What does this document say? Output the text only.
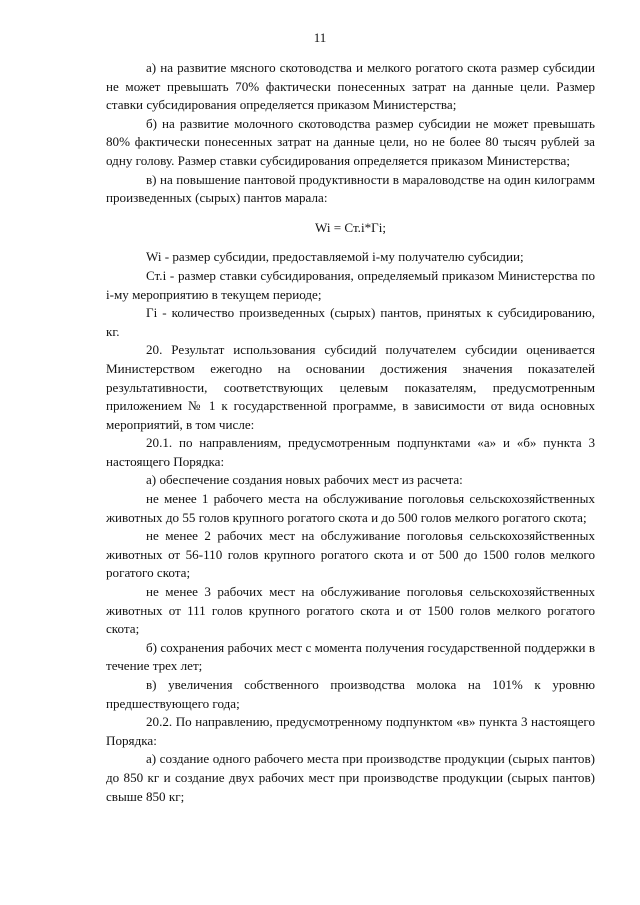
11

а) на развитие мясного скотоводства и мелкого рогатого скота размер субсидии не может превышать 70% фактически понесенных затрат на данные цели. Размер ставки субсидирования определяется приказом Министерства;

б) на развитие молочного скотоводства размер субсидии не может превышать 80% фактически понесенных затрат на данные цели, но не более 80 тысяч рублей за одну голову. Размер ставки субсидирования определяется приказом Министерства;

в) на повышение пантовой продуктивности в мараловодстве на один килограмм произведенных (сырых) пантов марала:

Wi = Ст.i*Гi;

Wi - размер субсидии, предоставляемой i-му получателю субсидии;

Ст.i - размер ставки субсидирования, определяемый приказом Министерства по i-му мероприятию в текущем периоде;

Гi - количество произведенных (сырых) пантов, принятых к субсидированию, кг.

20. Результат использования субсидий получателем субсидии оценивается Министерством ежегодно на основании достижения значения показателей результативности, соответствующих целевым показателям, предусмотренным приложением № 1 к государственной программе, в зависимости от вида основных мероприятий, в том числе:

20.1. по направлениям, предусмотренным подпунктами «а» и «б» пункта 3 настоящего Порядка:

а) обеспечение создания новых рабочих мест из расчета:

не менее 1 рабочего места на обслуживание поголовья сельскохозяйственных животных до 55 голов крупного рогатого скота и до 500 голов мелкого рогатого скота;

не менее 2 рабочих мест на обслуживание поголовья сельскохозяйственных животных от 56-110 голов крупного рогатого скота и от 500 до 1500 голов мелкого рогатого скота;

не менее 3 рабочих мест на обслуживание поголовья сельскохозяйственных животных от 111 голов крупного рогатого скота и от 1500 голов мелкого рогатого скота;

б) сохранения рабочих мест с момента получения государственной поддержки в течение трех лет;

в) увеличения собственного производства молока на 101% к уровню предшествующего года;

20.2. По направлению, предусмотренному подпунктом «в» пункта 3 настоящего Порядка:

а) создание одного рабочего места при производстве продукции (сырых пантов) до 850 кг и создание двух рабочих мест при производстве продукции (сырых пантов) свыше 850 кг;
